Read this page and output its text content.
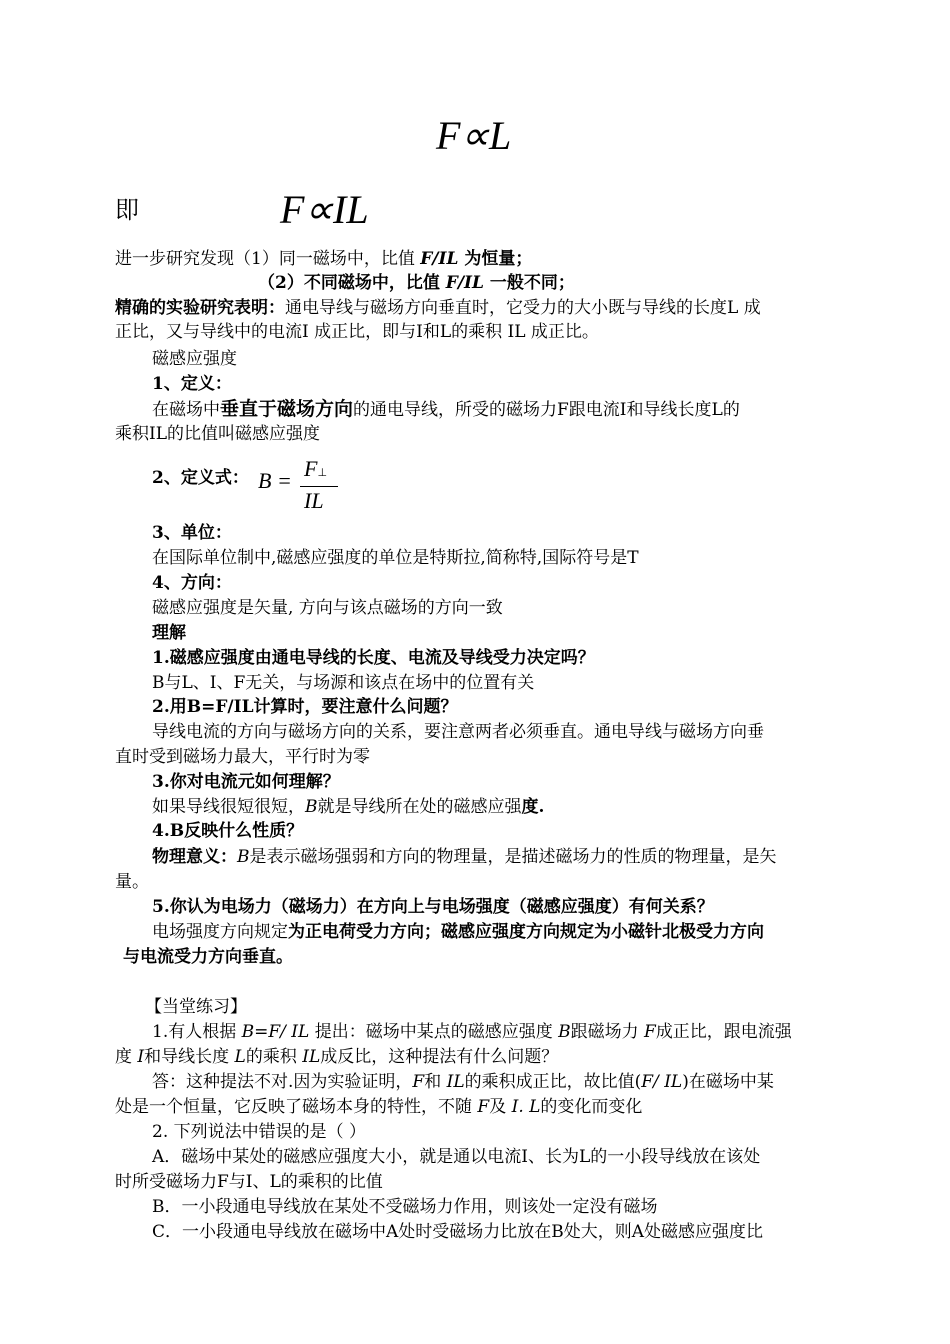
F∝L
即	F∝IL
进一步研究发现（1）同一磁场中，比值 F/IL 为恒量；
（2）不同磁场中，比值 F/IL 一般不同；
精确的实验研究表明：通电导线与磁场方向垂直时，它受力的大小既与导线的长度L 成
正比，又与导线中的电流I 成正比，即与I和L的乘积 IL 成正比。
磁感应强度
1、定义：
在磁场中垂直于磁场方向的通电导线，所受的磁场力F跟电流I和导线长度L的
乘积IL的比值叫磁感应强度
2、定义式： B = F⊥
IL
3、单位：
在国际单位制中,磁感应强度的单位是特斯拉,简称特,国际符号是T
4、方向：
磁感应强度是矢量, 方向与该点磁场的方向一致
理解
1.磁感应强度由通电导线的长度、电流及导线受力决定吗？
B与L、I、F无关，与场源和该点在场中的位置有关
2.用B=F/IL计算时，要注意什么问题？
导线电流的方向与磁场方向的关系，要注意两者必须垂直。通电导线与磁场方向垂
直时受到磁场力最大，平行时为零
3.你对电流元如何理解？
如果导线很短很短，B就是导线所在处的磁感应强度.
4.B反映什么性质？
物理意义：B是表示磁场强弱和方向的物理量，是描述磁场力的性质的物理量，是矢
量。
5.你认为电场力（磁场力）在方向上与电场强度（磁感应强度）有何关系？
电场强度方向规定为正电荷受力方向；磁感应强度方向规定为小磁针北极受力方向
与电流受力方向垂直。
【当堂练习】
1.有人根据 B=F/ IL 提出：磁场中某点的磁感应强度 B跟磁场力 F成正比，跟电流强
度 I和导线长度 L的乘积 IL成反比，这种提法有什么问题？
答：这种提法不对.因为实验证明，F和 IL的乘积成正比，故比值(F/ IL)在磁场中某
处是一个恒量，它反映了磁场本身的特性，不随 F及 I. L的变化而变化
2. 下列说法中错误的是（ ）
A．磁场中某处的磁感应强度大小，就是通以电流I、长为L的一小段导线放在该处
时所受磁场力F与I、L的乘积的比值
B．一小段通电导线放在某处不受磁场力作用，则该处一定没有磁场
C．一小段通电导线放在磁场中A处时受磁场力比放在B处大，则A处磁感应强度比
